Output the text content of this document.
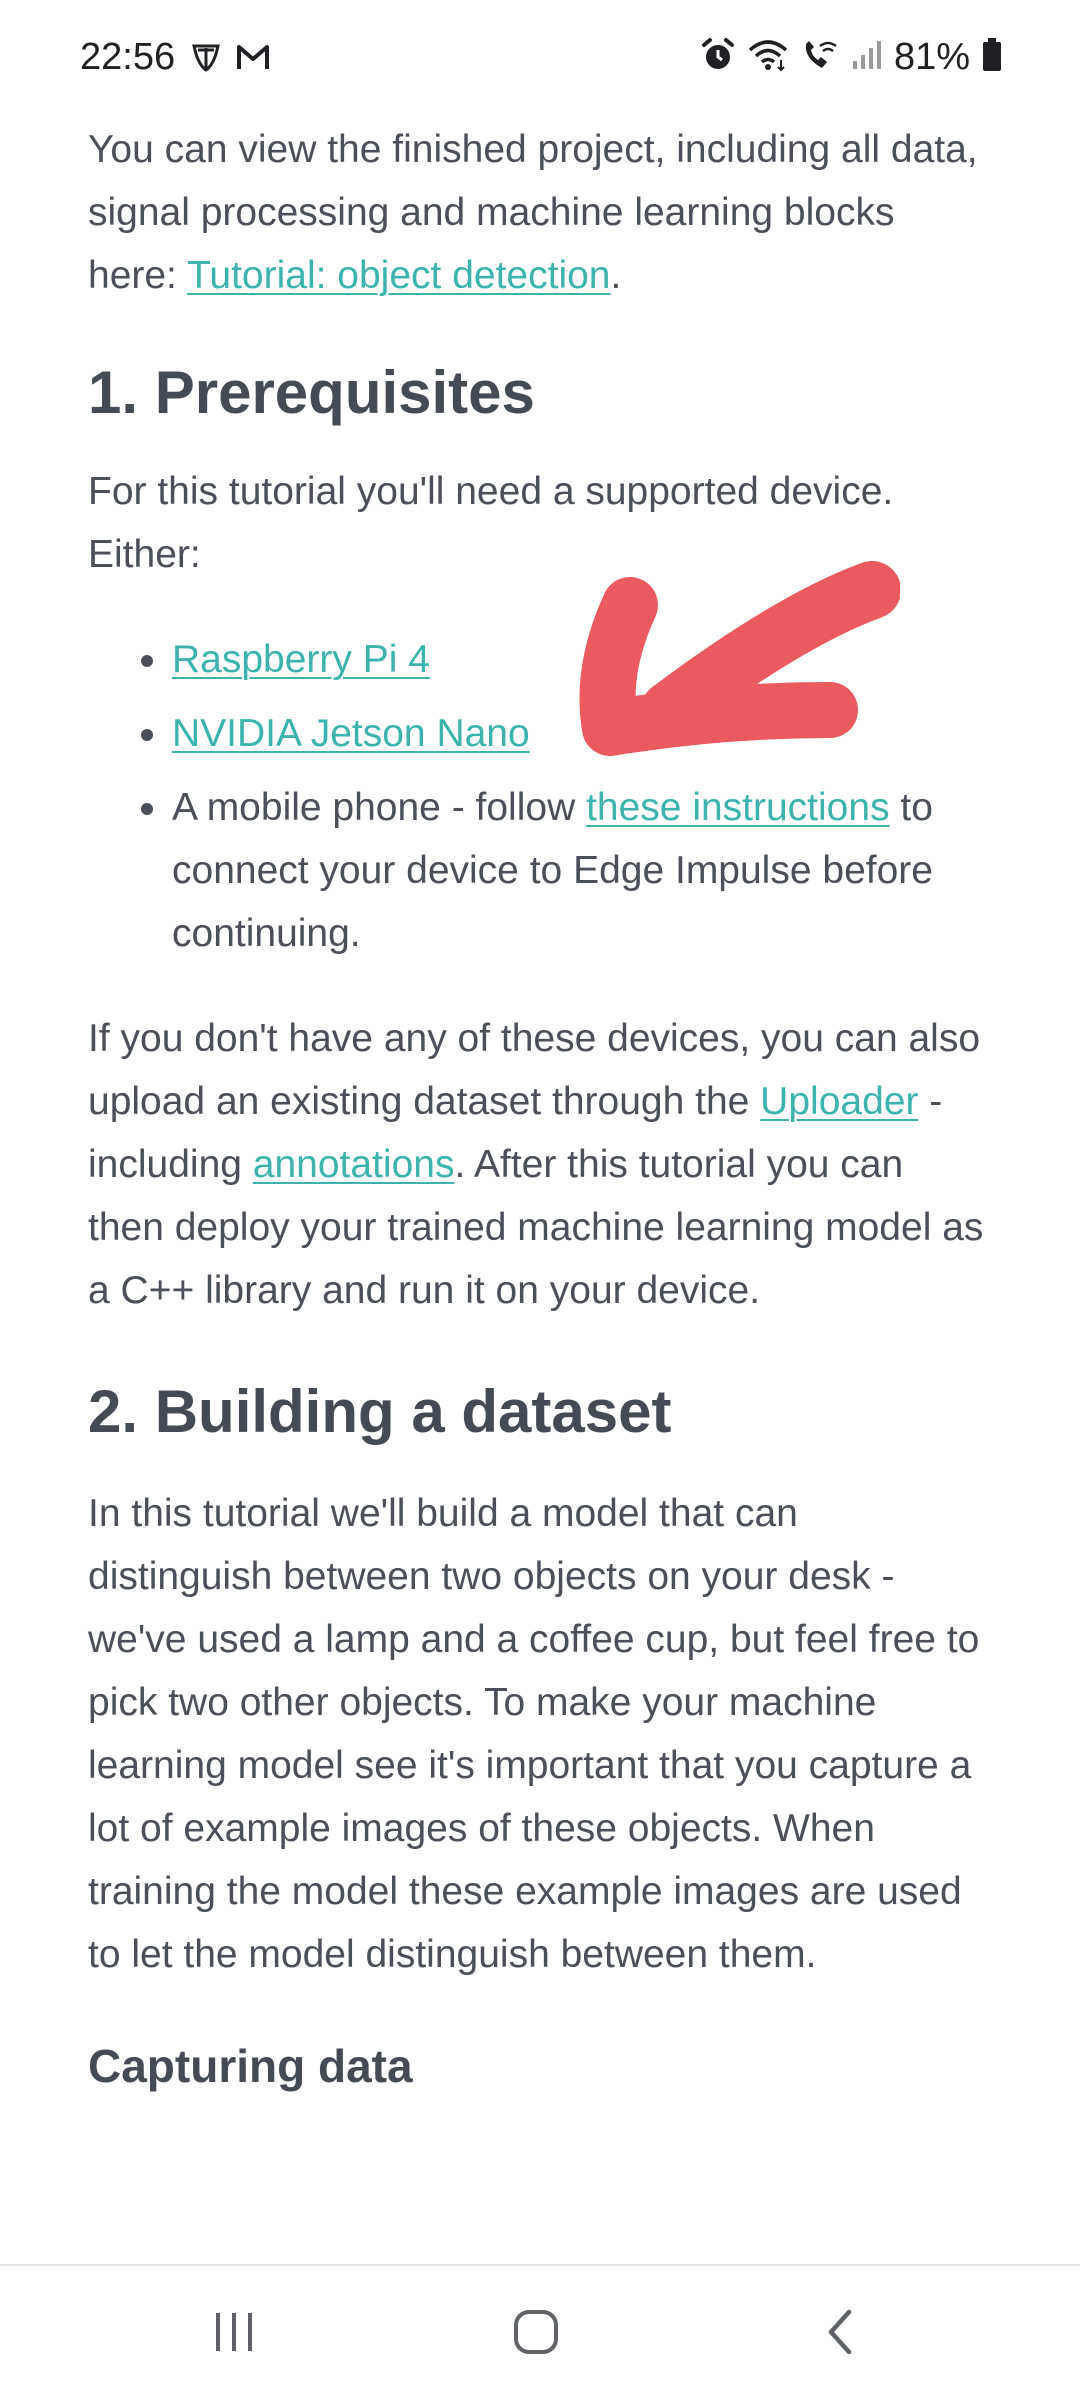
22:56	81%

You can view the finished project, including all data, signal processing and machine learning blocks here: Tutorial: object detection.

1. Prerequisites

For this tutorial you'll need a supported device. Either:

Raspberry Pi 4
NVIDIA Jetson Nano
A mobile phone - follow these instructions to connect your device to Edge Impulse before continuing.

If you don't have any of these devices, you can also upload an existing dataset through the Uploader - including annotations. After this tutorial you can then deploy your trained machine learning model as a C++ library and run it on your device.

2. Building a dataset

In this tutorial we'll build a model that can distinguish between two objects on your desk - we've used a lamp and a coffee cup, but feel free to pick two other objects. To make your machine learning model see it's important that you capture a lot of example images of these objects. When training the model these example images are used to let the model distinguish between them.

Capturing data
